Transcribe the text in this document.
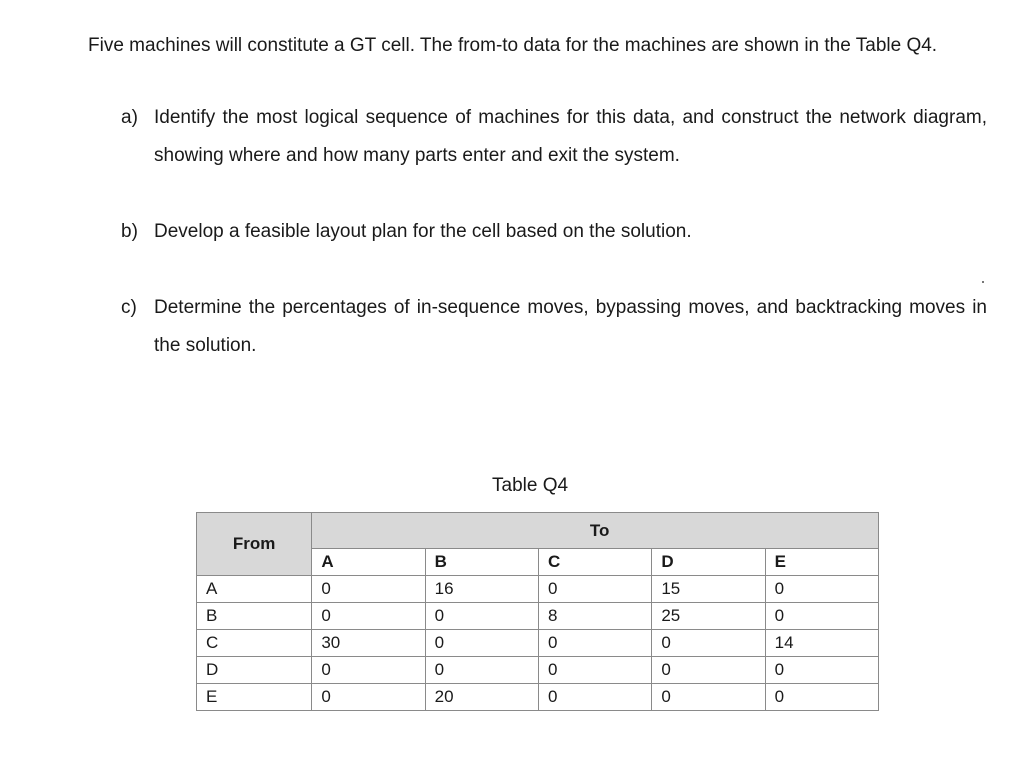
Five machines will constitute a GT cell. The from-to data for the machines are shown in the Table Q4.
a) Identify the most logical sequence of machines for this data, and construct the network diagram, showing where and how many parts enter and exit the system.
b) Develop a feasible layout plan for the cell based on the solution.
c) Determine the percentages of in-sequence moves, bypassing moves, and backtracking moves in the solution.
Table Q4
From	To				
	A	B	C	D	E
A	0	16	0	15	0
B	0	0	8	25	0
C	30	0	0	0	14
D	0	0	0	0	0
E	0	20	0	0	0
